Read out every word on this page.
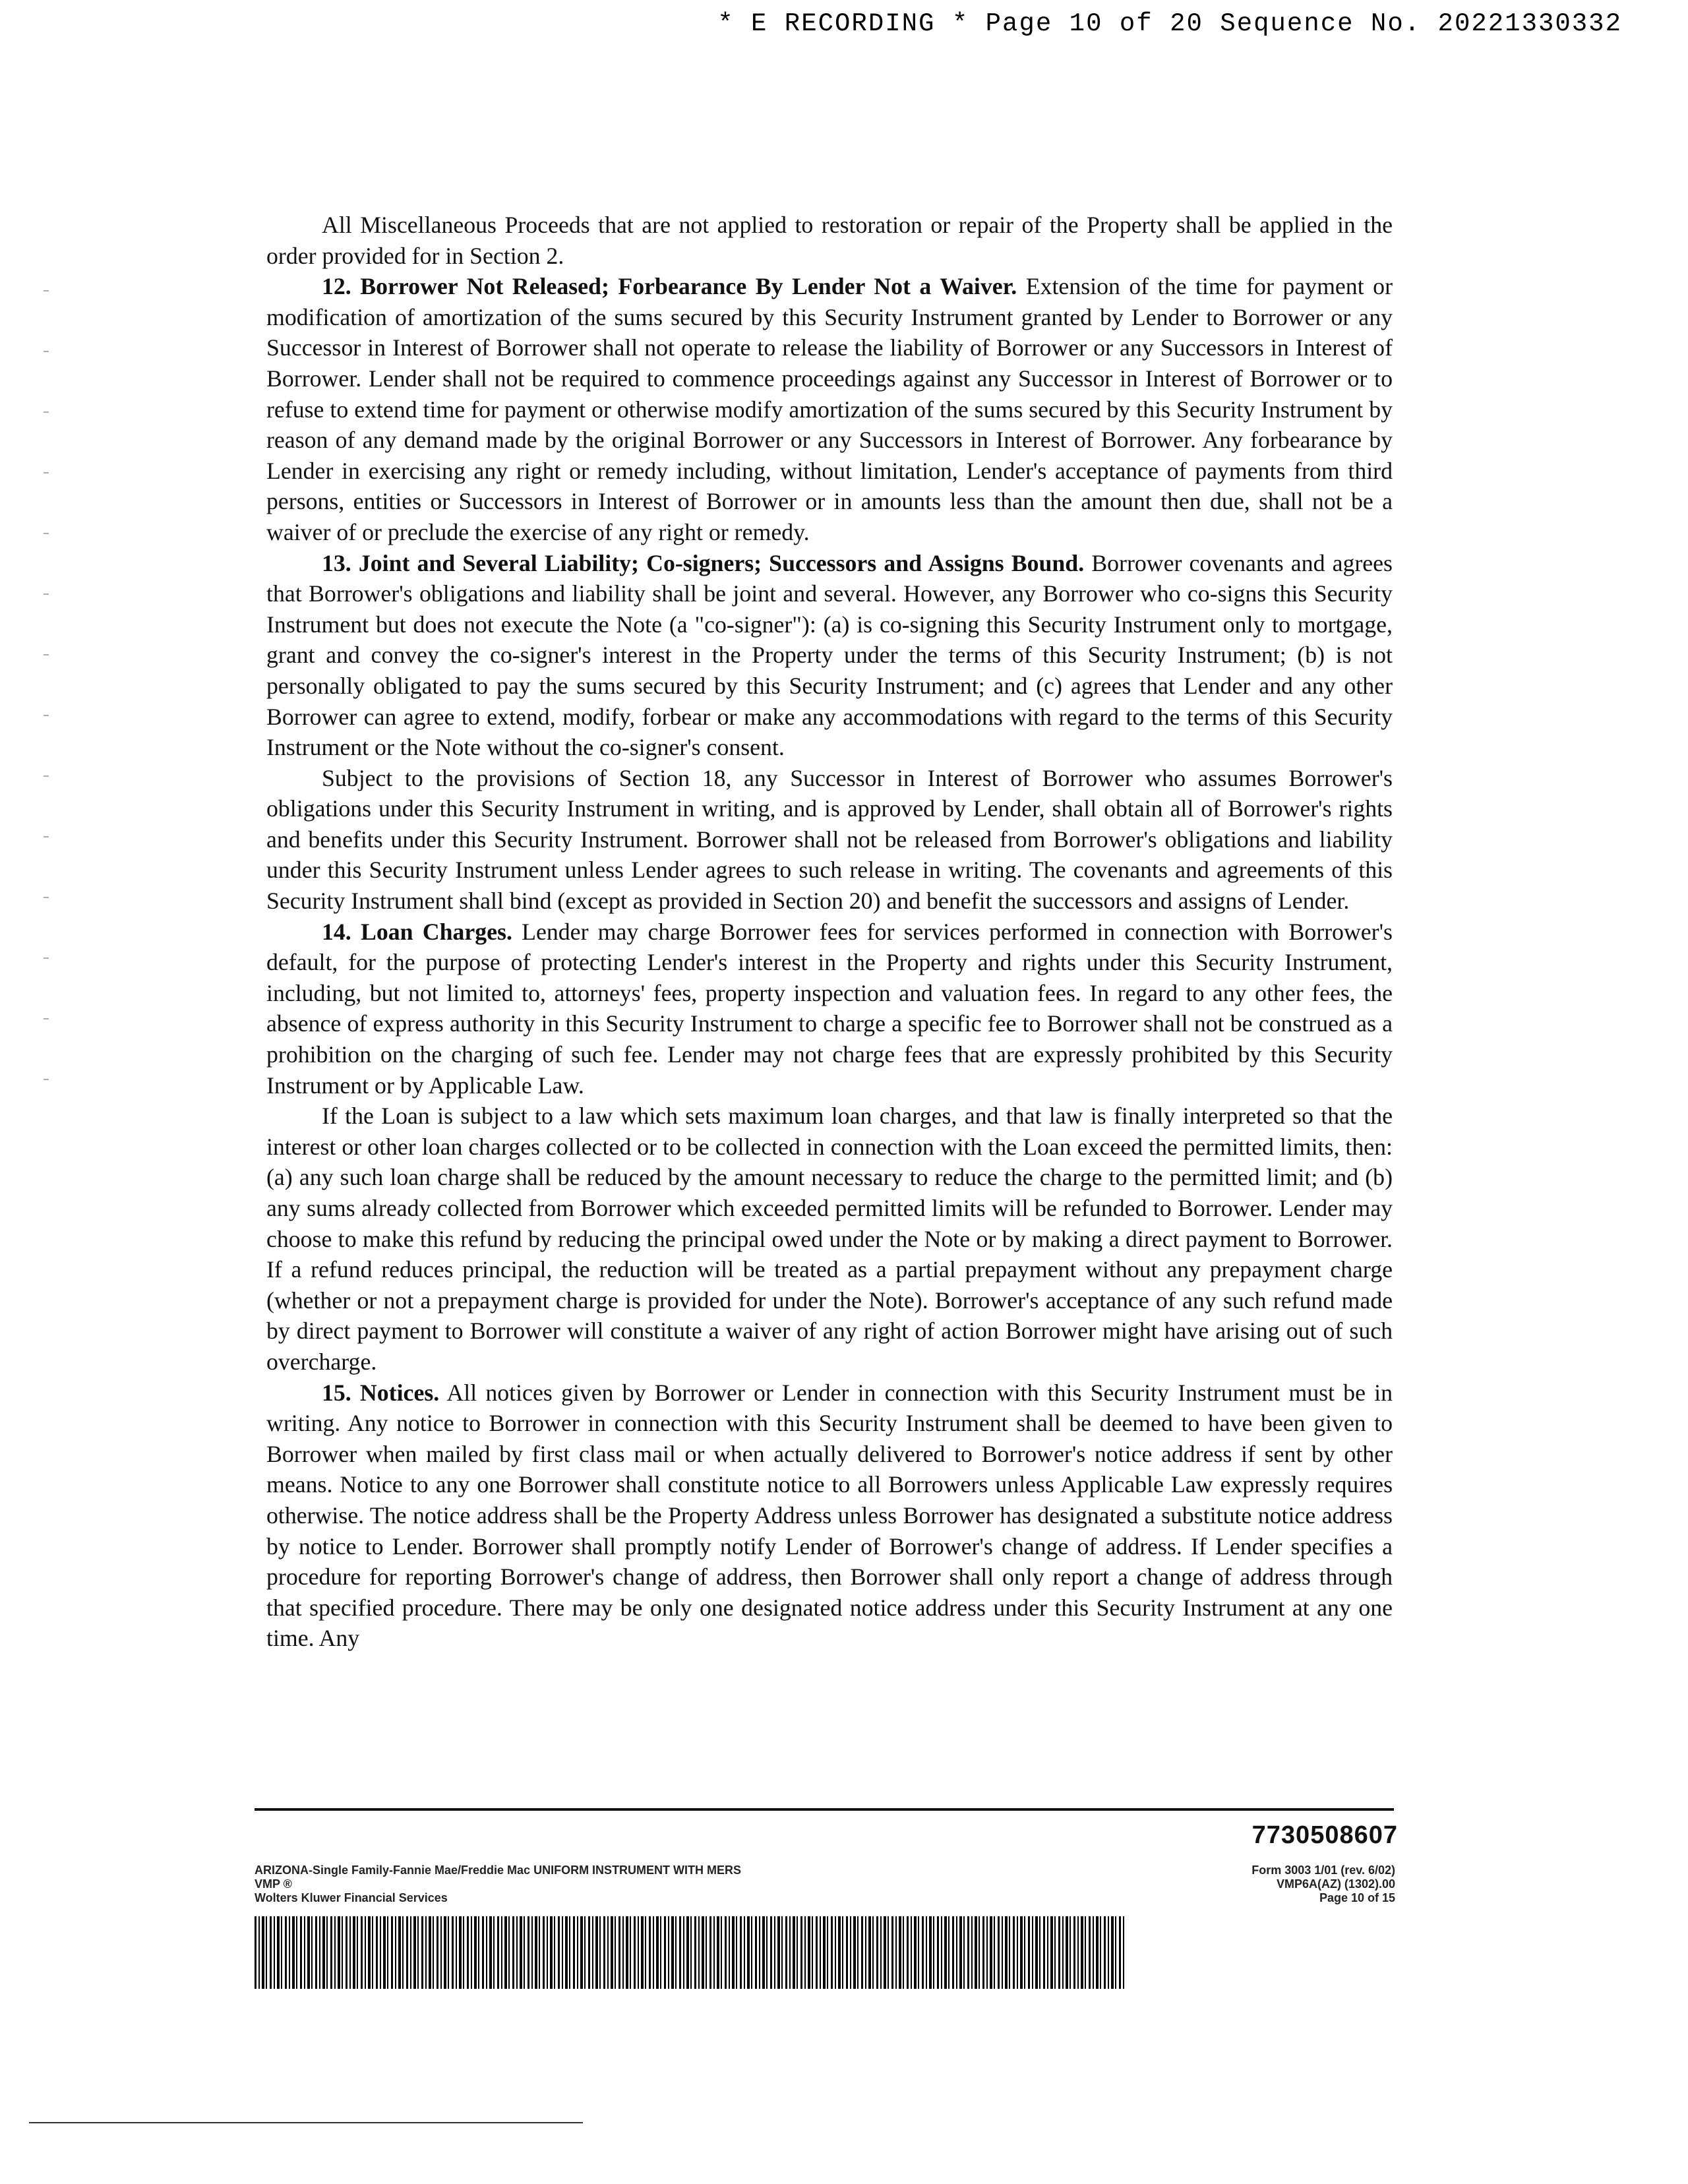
* E RECORDING * Page 10 of 20 Sequence No. 20221330332

All Miscellaneous Proceeds that are not applied to restoration or repair of the Property shall be applied in the order provided for in Section 2.

12. Borrower Not Released; Forbearance By Lender Not a Waiver. Extension of the time for payment or modification of amortization of the sums secured by this Security Instrument granted by Lender to Borrower or any Successor in Interest of Borrower shall not operate to release the liability of Borrower or any Successors in Interest of Borrower. Lender shall not be required to commence proceedings against any Successor in Interest of Borrower or to refuse to extend time for payment or otherwise modify amortization of the sums secured by this Security Instrument by reason of any demand made by the original Borrower or any Successors in Interest of Borrower. Any forbearance by Lender in exercising any right or remedy including, without limitation, Lender's acceptance of payments from third persons, entities or Successors in Interest of Borrower or in amounts less than the amount then due, shall not be a waiver of or preclude the exercise of any right or remedy.

13. Joint and Several Liability; Co-signers; Successors and Assigns Bound. Borrower covenants and agrees that Borrower's obligations and liability shall be joint and several. However, any Borrower who co-signs this Security Instrument but does not execute the Note (a "co-signer"): (a) is co-signing this Security Instrument only to mortgage, grant and convey the co-signer's interest in the Property under the terms of this Security Instrument; (b) is not personally obligated to pay the sums secured by this Security Instrument; and (c) agrees that Lender and any other Borrower can agree to extend, modify, forbear or make any accommodations with regard to the terms of this Security Instrument or the Note without the co-signer's consent.

Subject to the provisions of Section 18, any Successor in Interest of Borrower who assumes Borrower's obligations under this Security Instrument in writing, and is approved by Lender, shall obtain all of Borrower's rights and benefits under this Security Instrument. Borrower shall not be released from Borrower's obligations and liability under this Security Instrument unless Lender agrees to such release in writing. The covenants and agreements of this Security Instrument shall bind (except as provided in Section 20) and benefit the successors and assigns of Lender.

14. Loan Charges. Lender may charge Borrower fees for services performed in connection with Borrower's default, for the purpose of protecting Lender's interest in the Property and rights under this Security Instrument, including, but not limited to, attorneys' fees, property inspection and valuation fees. In regard to any other fees, the absence of express authority in this Security Instrument to charge a specific fee to Borrower shall not be construed as a prohibition on the charging of such fee. Lender may not charge fees that are expressly prohibited by this Security Instrument or by Applicable Law.

If the Loan is subject to a law which sets maximum loan charges, and that law is finally interpreted so that the interest or other loan charges collected or to be collected in connection with the Loan exceed the permitted limits, then: (a) any such loan charge shall be reduced by the amount necessary to reduce the charge to the permitted limit; and (b) any sums already collected from Borrower which exceeded permitted limits will be refunded to Borrower. Lender may choose to make this refund by reducing the principal owed under the Note or by making a direct payment to Borrower. If a refund reduces principal, the reduction will be treated as a partial prepayment without any prepayment charge (whether or not a prepayment charge is provided for under the Note). Borrower's acceptance of any such refund made by direct payment to Borrower will constitute a waiver of any right of action Borrower might have arising out of such overcharge.

15. Notices. All notices given by Borrower or Lender in connection with this Security Instrument must be in writing. Any notice to Borrower in connection with this Security Instrument shall be deemed to have been given to Borrower when mailed by first class mail or when actually delivered to Borrower's notice address if sent by other means. Notice to any one Borrower shall constitute notice to all Borrowers unless Applicable Law expressly requires otherwise. The notice address shall be the Property Address unless Borrower has designated a substitute notice address by notice to Lender. Borrower shall promptly notify Lender of Borrower's change of address. If Lender specifies a procedure for reporting Borrower's change of address, then Borrower shall only report a change of address through that specified procedure. There may be only one designated notice address under this Security Instrument at any one time. Any

7730508607
ARIZONA-Single Family-Fannie Mae/Freddie Mac UNIFORM INSTRUMENT WITH MERS
VMP ®
Wolters Kluwer Financial Services
Form 3003 1/01 (rev. 6/02)
VMP6A(AZ) (1302).00
Page 10 of 15
